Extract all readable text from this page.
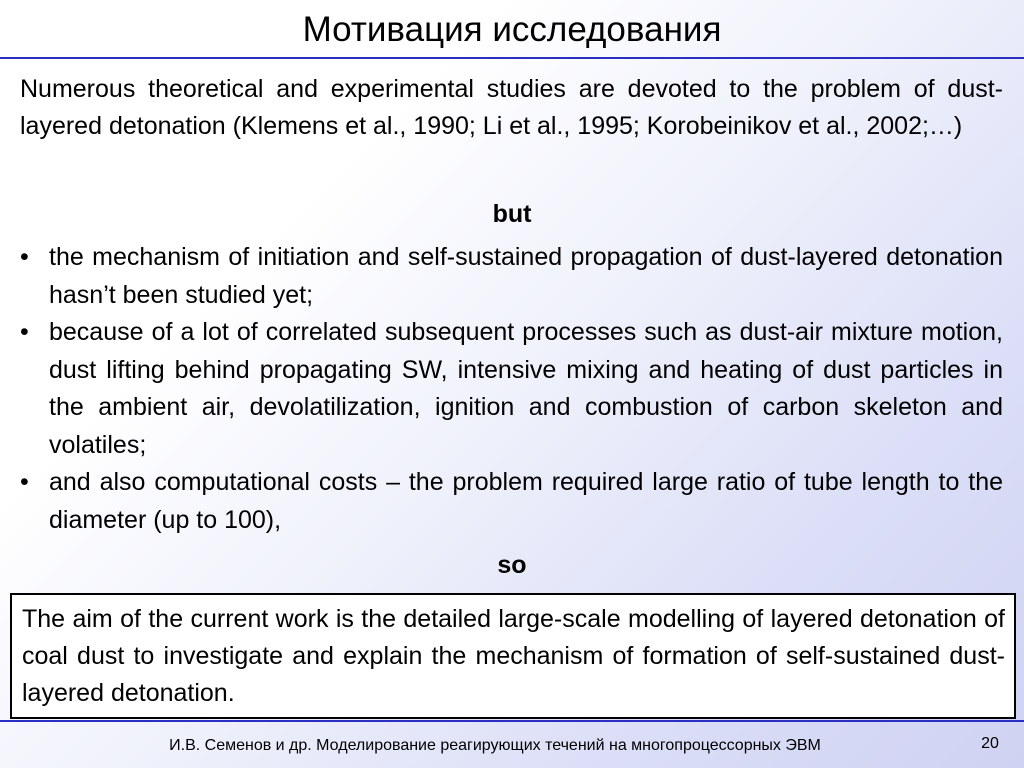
Мотивация исследования
Numerous theoretical and experimental studies are devoted to the problem of dust-layered detonation (Klemens et al., 1990; Li et al., 1995; Korobeinikov et al., 2002;…)
but
• the mechanism of initiation and self-sustained propagation of dust-layered detonation hasn’t been studied yet;
• because of a lot of correlated subsequent processes such as dust-air mixture motion, dust lifting behind propagating SW, intensive mixing and heating of dust particles in the ambient air, devolatilization, ignition and combustion of carbon skeleton and volatiles;
• and also computational costs – the problem required large ratio of tube length to the diameter (up to 100),
so
The aim of the current work is the detailed large-scale modelling of layered detonation of coal dust to investigate and explain the mechanism of formation of self-sustained dust-layered detonation.
И.В. Семенов и др. Моделирование реагирующих течений на многопроцессорных ЭВМ	20
